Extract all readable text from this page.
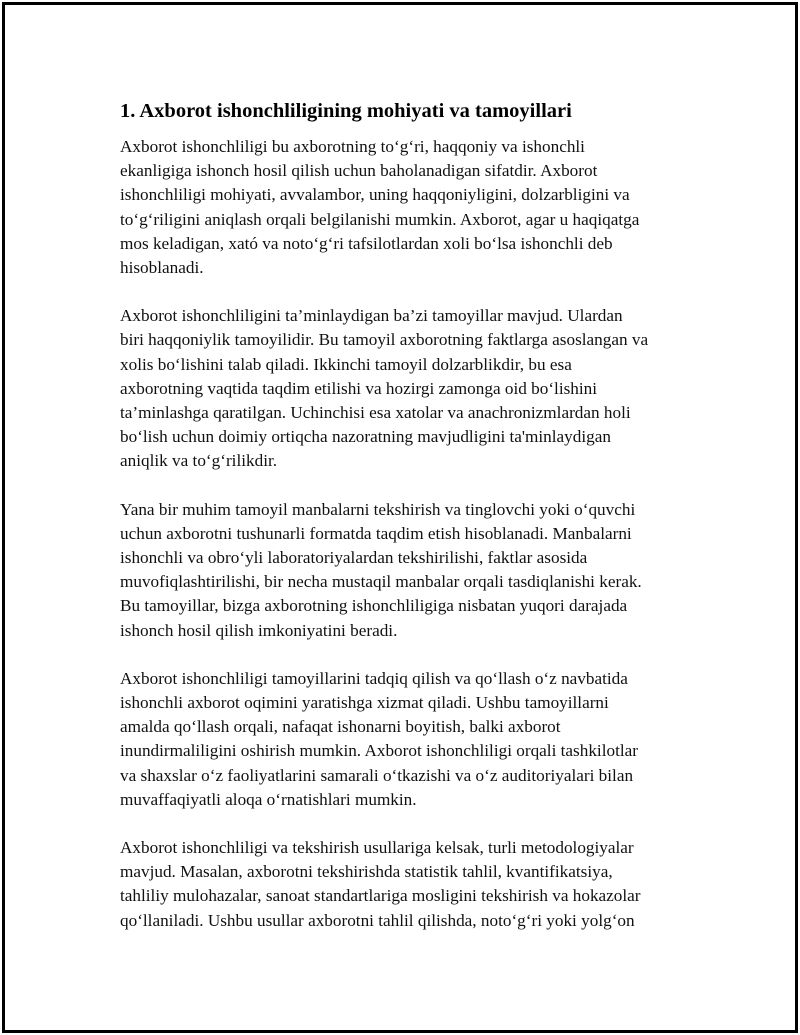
1. Axborot ishonchliligining mohiyati va tamoyillari
Axborot ishonchliligi bu axborotning to‘g‘ri, haqqoniy va ishonchli
ekanligiga ishonch hosil qilish uchun baholanadigan sifatdir. Axborot
ishonchliligi mohiyati, avvalambor, uning haqqoniyligini, dolzarbligini va
to‘g‘riligini aniqlash orqali belgilanishi mumkin. Axborot, agar u haqiqatga
mos keladigan, xató va noto‘g‘ri tafsilotlardan xoli bo‘lsa ishonchli deb
hisoblanadi.
Axborot ishonchliligini ta’minlaydigan ba’zi tamoyillar mavjud. Ulardan
biri haqqoniylik tamoyilidir. Bu tamoyil axborotning faktlarga asoslangan va
xolis bo‘lishini talab qiladi. Ikkinchi tamoyil dolzarblikdir, bu esa
axborotning vaqtida taqdim etilishi va hozirgi zamonga oid bo‘lishini
ta’minlashga qaratilgan. Uchinchisi esa xatolar va anachronizmlardan holi
bo‘lish uchun doimiy ortiqcha nazoratning mavjudligini ta'minlaydigan
aniqlik va to‘g‘rilikdir.
Yana bir muhim tamoyil manbalarni tekshirish va tinglovchi yoki o‘quvchi
uchun axborotni tushunarli formatda taqdim etish hisoblanadi. Manbalarni
ishonchli va obro‘yli laboratoriyalardan tekshirilishi, faktlar asosida
muvofiqlashtirilishi, bir necha mustaqil manbalar orqali tasdiqlanishi kerak.
Bu tamoyillar, bizga axborotning ishonchliligiga nisbatan yuqori darajada
ishonch hosil qilish imkoniyatini beradi.
Axborot ishonchliligi tamoyillarini tadqiq qilish va qo‘llash o‘z navbatida
ishonchli axborot oqimini yaratishga xizmat qiladi. Ushbu tamoyillarni
amalda qo‘llash orqali, nafaqat ishonarni boyitish, balki axborot
inundirmaliligini oshirish mumkin. Axborot ishonchliligi orqali tashkilotlar
va shaxslar o‘z faoliyatlarini samarali o‘tkazishi va o‘z auditoriyalari bilan
muvaffaqiyatli aloqa o‘rnatishlari mumkin.
Axborot ishonchliligi va tekshirish usullariga kelsak, turli metodologiyalar
mavjud. Masalan, axborotni tekshirishda statistik tahlil, kvantifikatsiya,
tahliliy mulohazalar, sanoat standartlariga mosligini tekshirish va hokazolar
qo‘llaniladi. Ushbu usullar axborotni tahlil qilishda, noto‘g‘ri yoki yolg‘on
